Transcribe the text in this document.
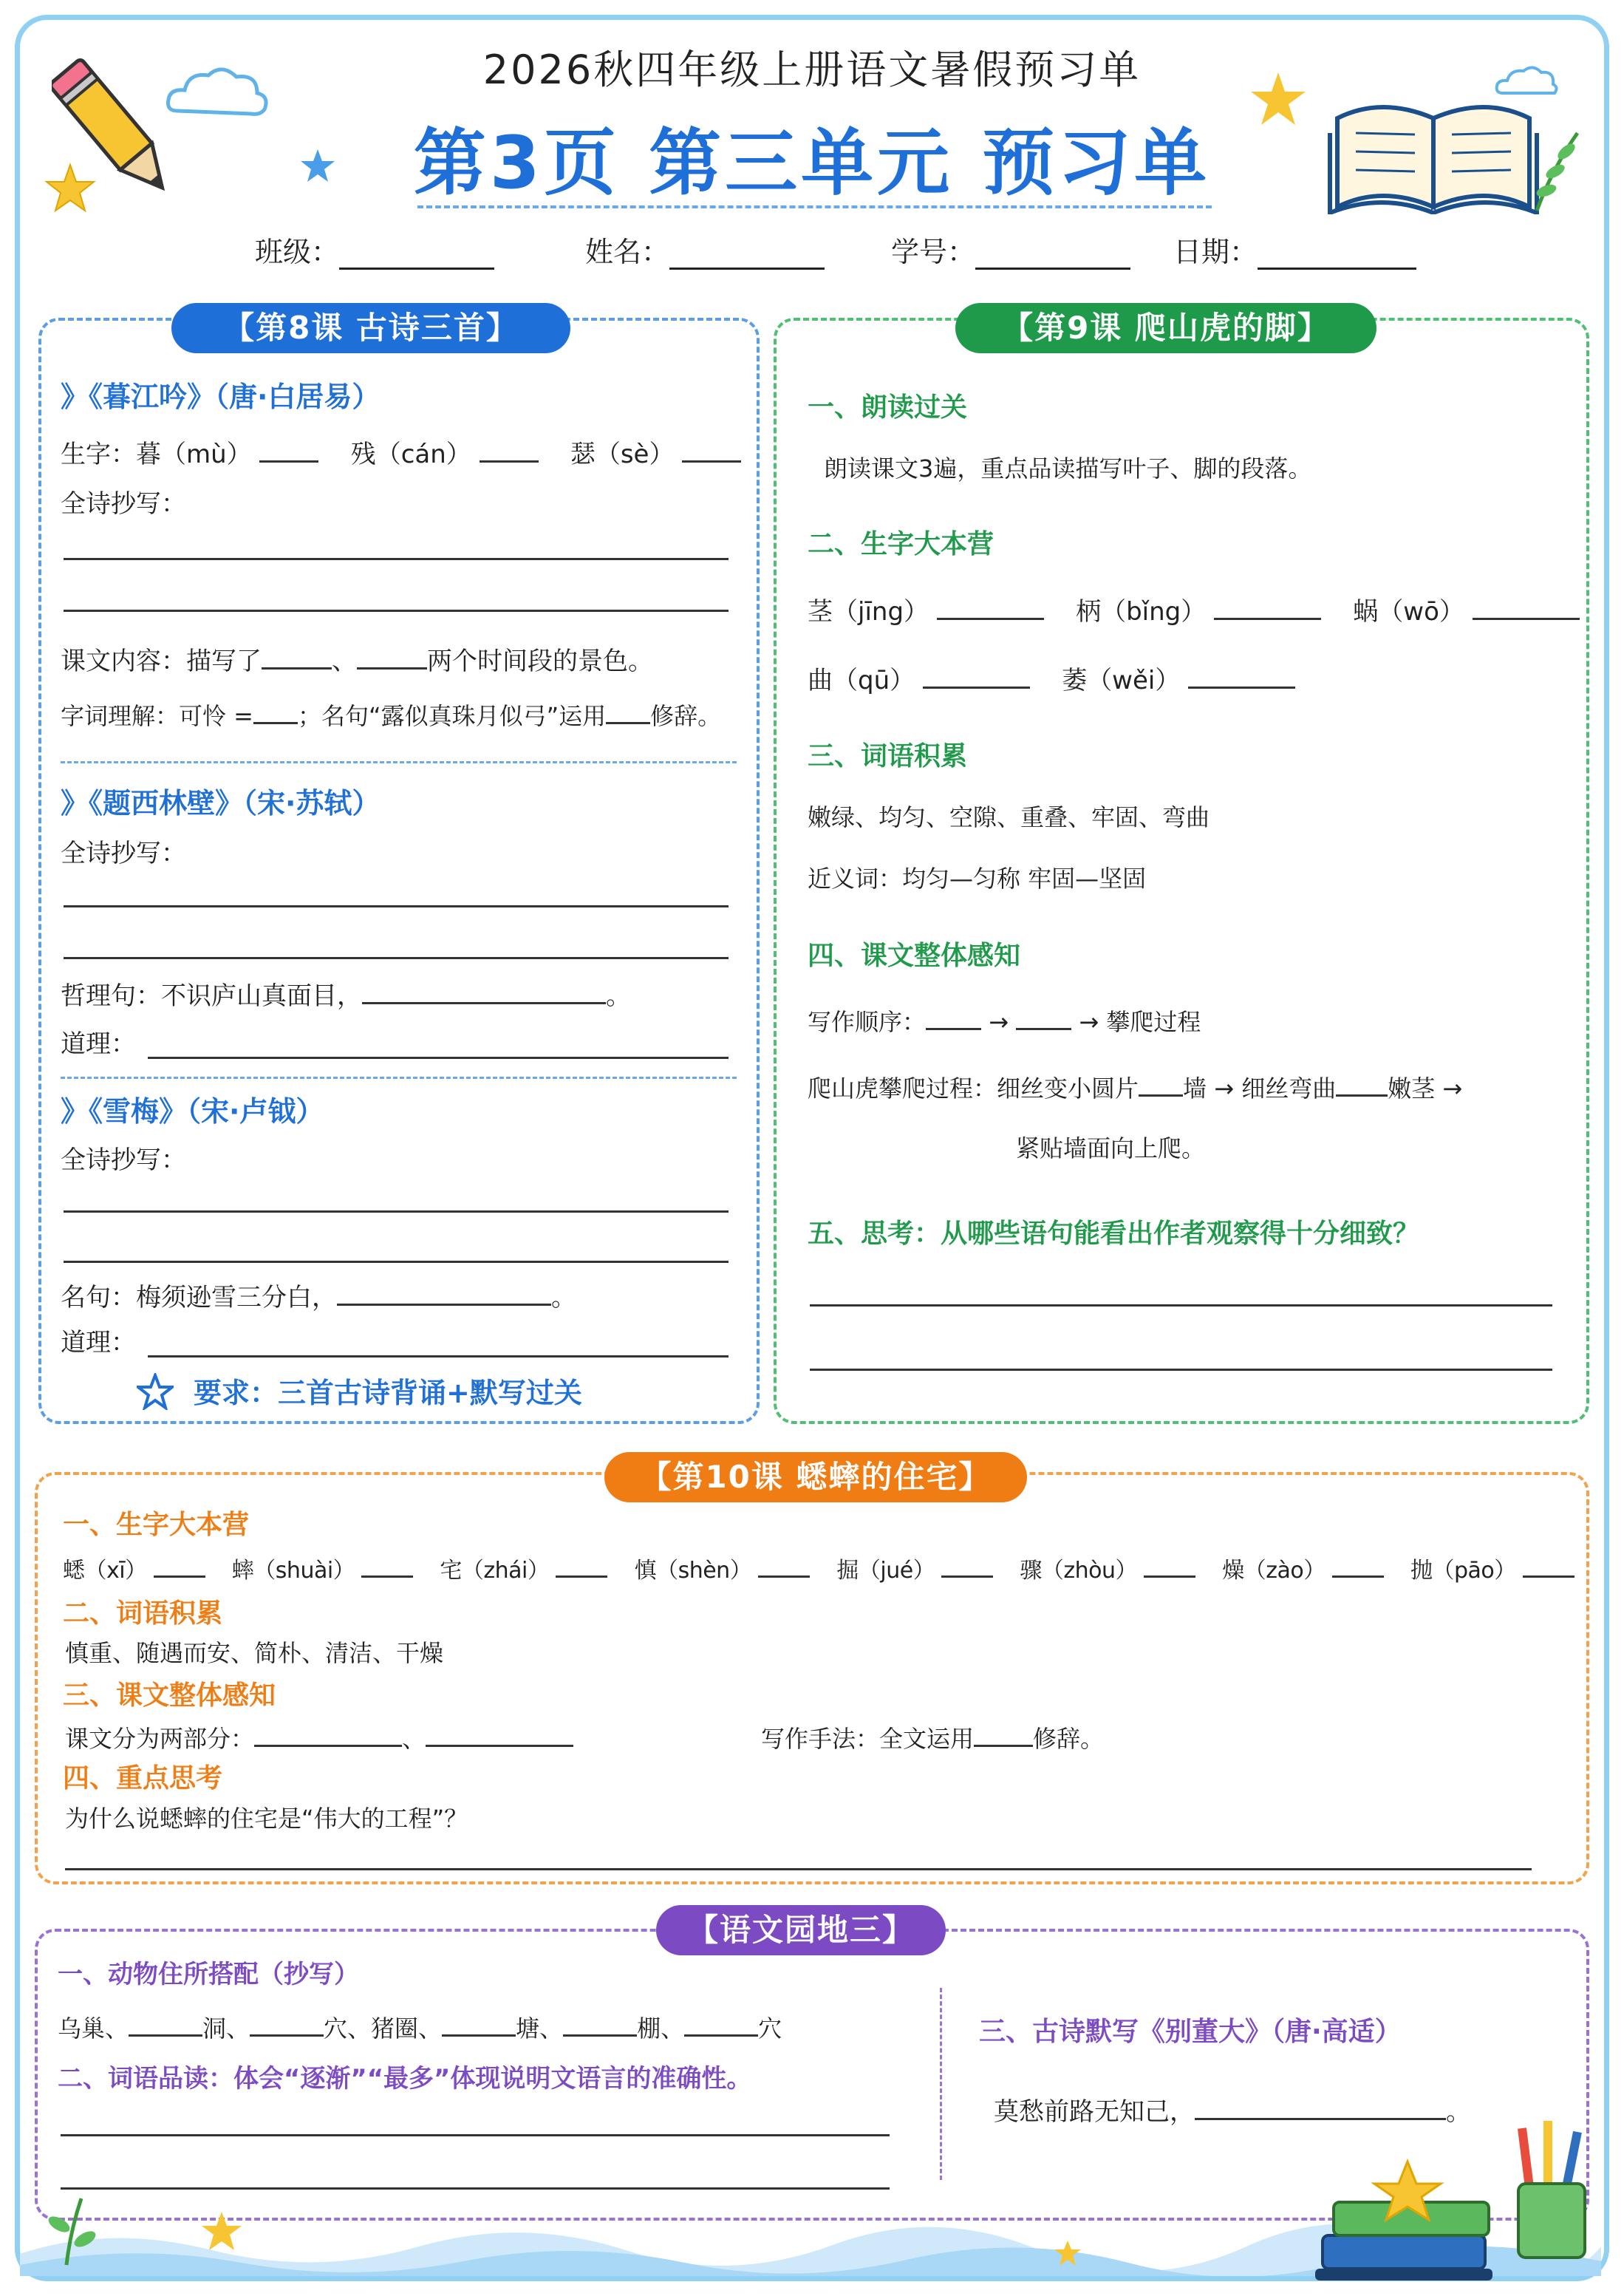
2026秋四年级上册语文暑假预习单
第3页 第三单元 预习单
班级：	姓名：	学号：	日期：
【第8课 古诗三首】
》《暮江吟》（唐·白居易）
生字：暮（mù）	残（cán）	瑟（sè）
全诗抄写：
课文内容：描写了	、	两个时间段的景色。
字词理解：可怜 = ；名句“露似真珠月似弓”运用 修辞。
》《题西林壁》（宋·苏轼）
全诗抄写：
哲理句：不识庐山真面目，	。
道理：
》《雪梅》（宋·卢钺）
全诗抄写：
名句：梅须逊雪三分白，	。
道理：
要求：三首古诗背诵+默写过关
【第9课 爬山虎的脚】
一、朗读过关
朗读课文3遍，重点品读描写叶子、脚的段落。
二、生字大本营
茎（jīng）	柄（bǐng）	蜗（wō）
曲（qū）	萎（wěi）
三、词语积累
嫩绿、均匀、空隙、重叠、牢固、弯曲
近义词：均匀—匀称 牢固—坚固
四、课文整体感知
写作顺序：	→	→ 攀爬过程
爬山虎攀爬过程：细丝变小圆片 墙 → 细丝弯曲 嫩茎 →
紧贴墙面向上爬。
五、思考：从哪些语句能看出作者观察得十分细致？
【第10课 蟋蟀的住宅】
一、生字大本营
蟋（xī）	蟀（shuài）	宅（zhái）	慎（shèn）	掘（jué）	骤（zhòu）	燥（zào）	抛（pāo）
二、词语积累
慎重、随遇而安、简朴、清洁、干燥
三、课文整体感知
课文分为两部分：	、	写作手法：全文运用	修辞。
四、重点思考
为什么说蟋蟀的住宅是“伟大的工程”？
【语文园地三】
一、动物住所搭配（抄写）
乌巢、	洞、	穴、猪圈、	塘、	棚、	穴
二、词语品读：体会“逐渐”“最多”体现说明文语言的准确性。
三、古诗默写《别董大》（唐·高适）
莫愁前路无知己，	。
